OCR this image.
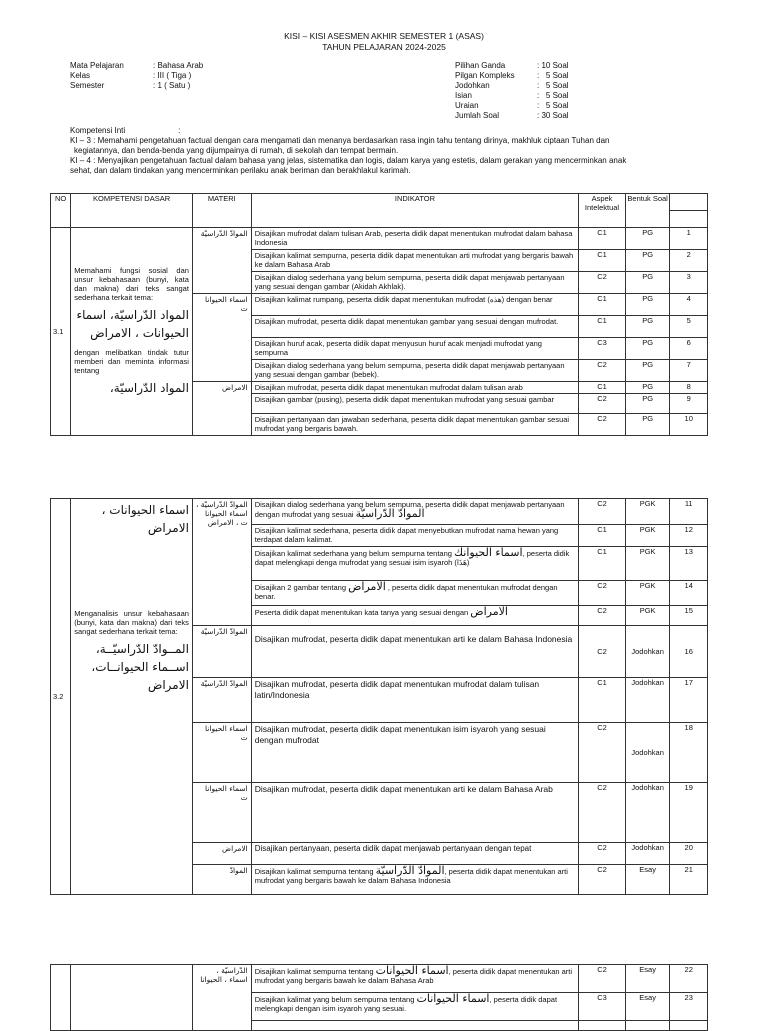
KISI – KISI ASESMEN AKHIR SEMESTER 1 (ASAS)
TAHUN PELAJARAN 2024-2025
Mata Pelajaran	: Bahasa Arab
Kelas	: III ( Tiga )
Semester	: 1 ( Satu )
Pilihan Ganda	: 10 Soal
Pilgan Kompleks	:   5 Soal
Jodohkan	:   5 Soal
Isian	:   5 Soal
Uraian	:   5 Soal
Jumlah Soal	: 30 Soal
Kompetensi Inti	:
KI – 3 : Memahami pengetahuan factual dengan cara mengamati dan menanya berdasarkan rasa ingin tahu tentang dirinya, makhluk ciptaan Tuhan dan
kegiatannya, dan benda-benda yang dijumpainya di rumah, di sekolah dan tempat bermain.
KI – 4 : Menyajikan pengetahuan factual dalam bahasa yang jelas, sistematika dan logis, dalam karya yang estetis, dalam gerakan yang mencerminkan anak
sehat, dan dalam tindakan yang mencerminkan perilaku anak beriman dan berakhlakul karimah.
NO	KOMPETENSI DASAR	MATERI	INDIKATOR	Aspek Intelektual	Bentuk Soal	

3.1	Memahami fungsi sosial dan unsur kebahasaan (bunyi, kata dan makna) dari teks sangat sederhana terkait tema:
المواد الدّراسيّة، اسماء الحيوانات ، الامراض
dengan melibatkan tindak tutur memberi dan meminta informasi tentang
المواد الدّراسيّة،	الموادّ الدّراسيّة	Disajikan mufrodat dalam tulisan Arab, peserta didik dapat menentukan mufrodat dalam bahasa Indonesia	C1	PG	1
			Disajikan kalimat sempurna, peserta didik dapat menentukan arti mufrodat yang bergaris bawah ke dalam Bahasa Arab	C1	PG	2
			Disajikan dialog sederhana yang belum sempurna, peserta didik dapat menjawab pertanyaan yang sesuai dengan gambar (Akidah Akhlak).	C2	PG	3
		اسماء الحيوانا ت	Disajikan kalimat rumpang, peserta didik dapat menentukan mufrodat (هذه) dengan benar	C1	PG	4
			Disajikan mufrodat, peserta didik dapat menentukan gambar yang sesuai dengan mufrodat.	C1	PG	5
			Disajikan huruf acak, peserta didik dapat menyusun huruf acak menjadi mufrodat yang sempurna	C3	PG	6
			Disajikan dialog sederhana yang belum sempurna, peserta didik dapat menjawab pertanyaan yang sesuai dengan gambar (bebek).	C2	PG	7
		الامراض	Disajikan mufrodat, peserta didik dapat menentukan mufrodat dalam tulisan arab	C1	PG	8
			Disajikan gambar (pusing), peserta didik dapat menentukan mufrodat yang sesuai gambar	C2	PG	9
			Disajikan pertanyaan dan jawaban sederhana, peserta didik dapat menentukan gambar sesuai mufrodat yang bergaris bawah.	C2	PG	10
3.2	اسماء الحيوانات ، الامراض
Menganalisis unsur kebahasaan (bunyi, kata dan makna) dari teks sangat sederhana terkait tema:
المــوادّ الدّراسيّــة، اســماء الحيوانــات، الامراض	الموادّ الدّراسيّة ، اسماء الحيوانا ت ، الامراض	Disajikan dialog sederhana yang belum sempurna, peserta didik dapat menjawab pertanyaan dengan mufrodat yang sesuai الموادّ الدّراسيّة	C2	PGK	11
			Disajikan kalimat sederhana, peserta didik dapat menyebutkan mufrodat nama hewan yang terdapat dalam kalimat.	C1	PGK	12
			Disajikan kalimat sederhana yang belum sempurna tentang اسماء الحيوانك, peserta didik dapat melengkapi denga mufrodat yang sesuai isim isyaroh (هَذَا)	C1	PGK	13
			Disajikan 2 gambar tentang الامراض , peserta didik dapat menentukan mufrodat dengan benar.	C2	PGK	14
			Peserta didik dapat menentukan kata tanya yang sesuai dengan الامراض	C2	PGK	15
		الموادّ الدّراسيّة	Disajikan mufrodat, peserta didik dapat menentukan arti ke dalam Bahasa Indonesia	C2	Jodohkan	16
		الموادّ الدّراسيّة	Disajikan mufrodat, peserta didik dapat menentukan mufrodat dalam tulisan latin/Indonesia	C1	Jodohkan	17
		اسماء الحيوانا ت	Disajikan mufrodat, peserta didik dapat menentukan isim isyaroh yang sesuai dengan mufrodat	C2	Jodohkan	18
		اسماء الحيوانا ت	Disajikan mufrodat, peserta didik dapat menentukan arti ke dalam Bahasa Arab	C2	Jodohkan	19
		الامراض	Disajikan pertanyaan, peserta didik dapat menjawab pertanyaan dengan tepat	C2	Jodohkan	20
		الموادّ	Disajikan kalimat sempurna tentang الموادّ الدّراسيّة, peserta didik dapat menentukan arti mufrodat yang bergaris bawah ke dalam Bahasa Indonesia	C2	Esay	21
		الدّراسيّة ، اسماء ، الحيوانا	Disajikan kalimat sempurna tentang اسماء الحيوانات, peserta didik dapat menentukan arti mufrodat yang bergaris bawah ke dalam Bahasa Arab	C2	Esay	22
			Disajikan kalimat yang belum sempurna tentang اسماء الحيوانات, peserta didik dapat melengkapi dengan isim isyaroh yang sesuai.	C3	Esay	23
